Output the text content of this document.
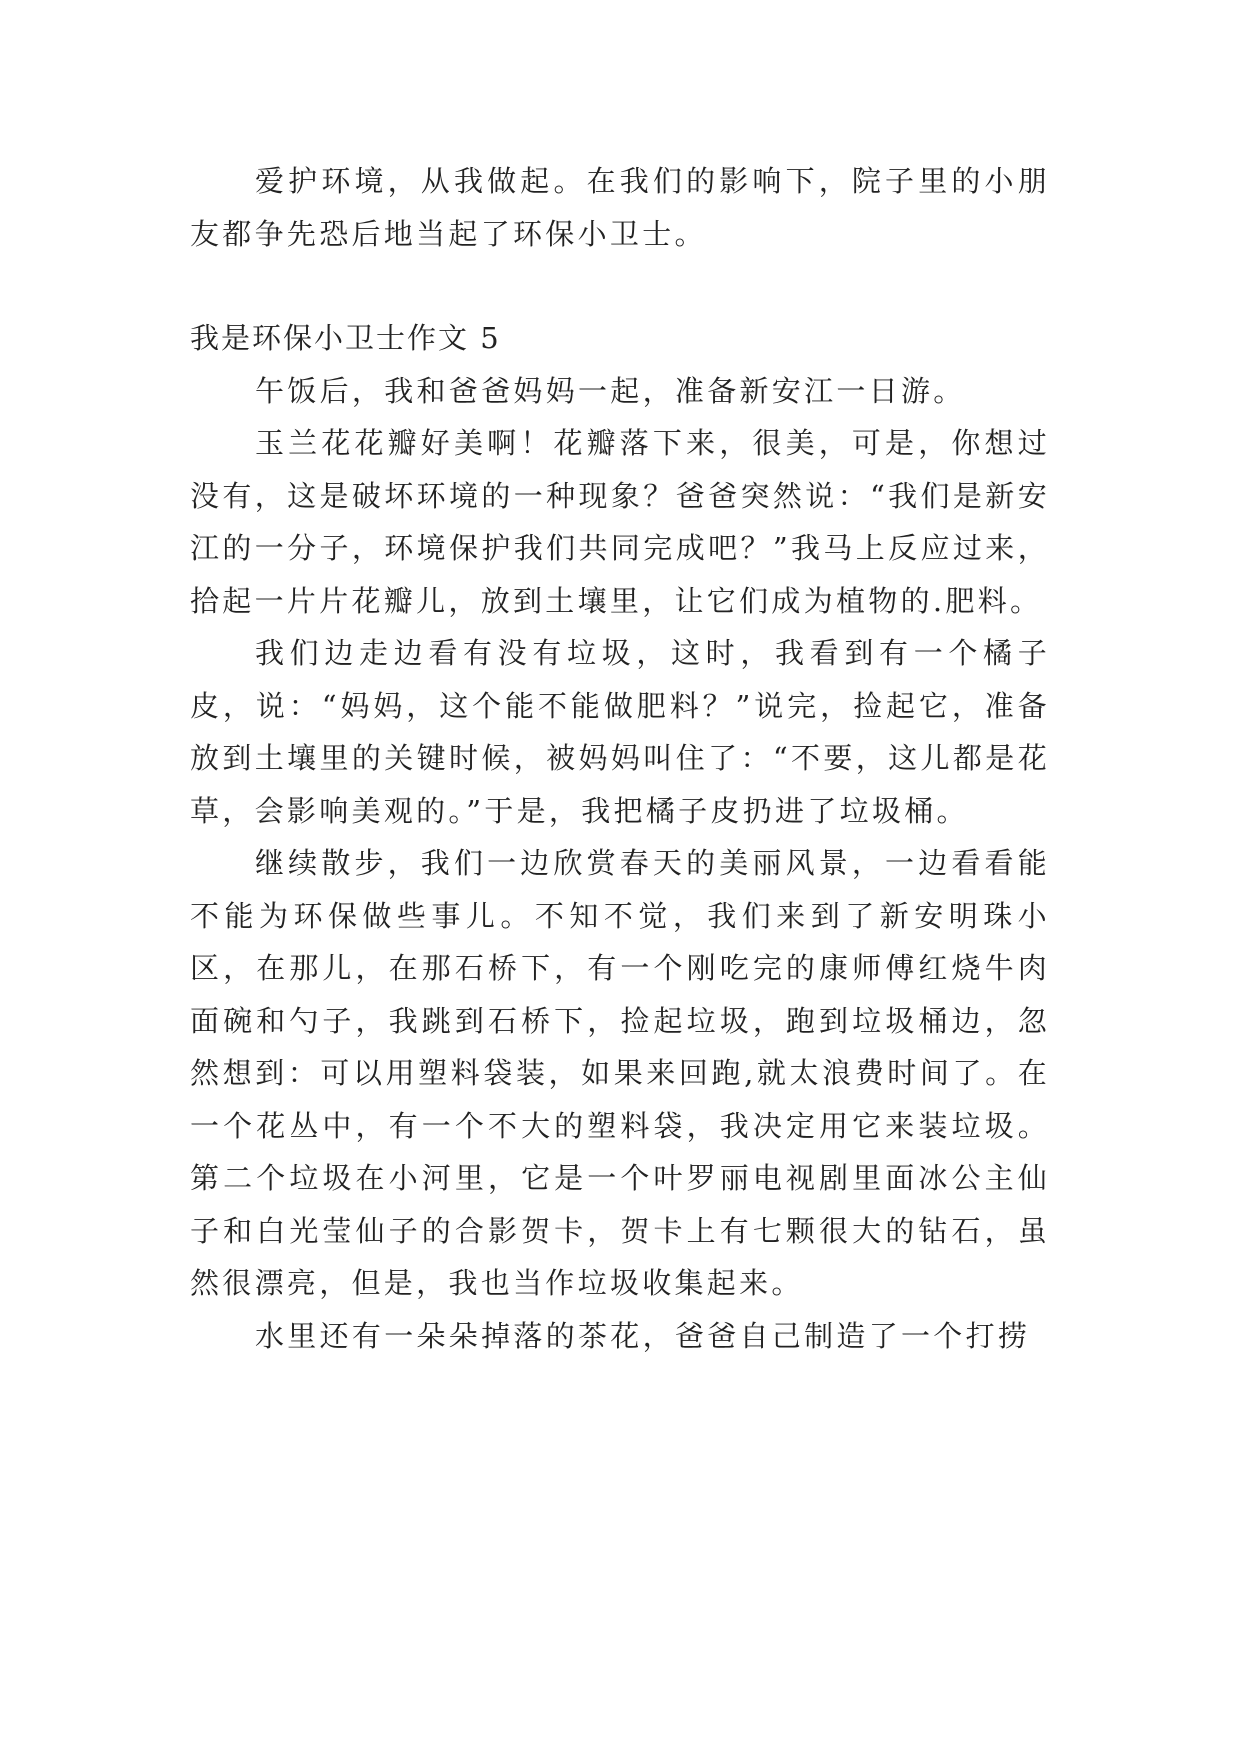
爱护环境，从我做起。在我们的影响下，院子里的小朋友都争先恐后地当起了环保小卫士。

我是环保小卫士作文 5

午饭后，我和爸爸妈妈一起，准备新安江一日游。

玉兰花花瓣好美啊！花瓣落下来，很美，可是，你想过没有，这是破坏环境的一种现象？爸爸突然说：“我们是新安江的一分子，环境保护我们共同完成吧？”我马上反应过来，拾起一片片花瓣儿，放到土壤里，让它们成为植物的.肥料。

我们边走边看有没有垃圾，这时，我看到有一个橘子皮，说：“妈妈，这个能不能做肥料？”说完，捡起它，准备放到土壤里的关键时候，被妈妈叫住了：“不要，这儿都是花草，会影响美观的。”于是，我把橘子皮扔进了垃圾桶。

继续散步，我们一边欣赏春天的美丽风景，一边看看能不能为环保做些事儿。不知不觉，我们来到了新安明珠小区，在那儿，在那石桥下，有一个刚吃完的康师傅红烧牛肉面碗和勺子，我跳到石桥下，捡起垃圾，跑到垃圾桶边，忽然想到：可以用塑料袋装，如果来回跑,就太浪费时间了。在一个花丛中，有一个不大的塑料袋，我决定用它来装垃圾。第二个垃圾在小河里，它是一个叶罗丽电视剧里面冰公主仙子和白光莹仙子的合影贺卡，贺卡上有七颗很大的钻石，虽然很漂亮，但是，我也当作垃圾收集起来。

水里还有一朵朵掉落的茶花，爸爸自己制造了一个打捞
